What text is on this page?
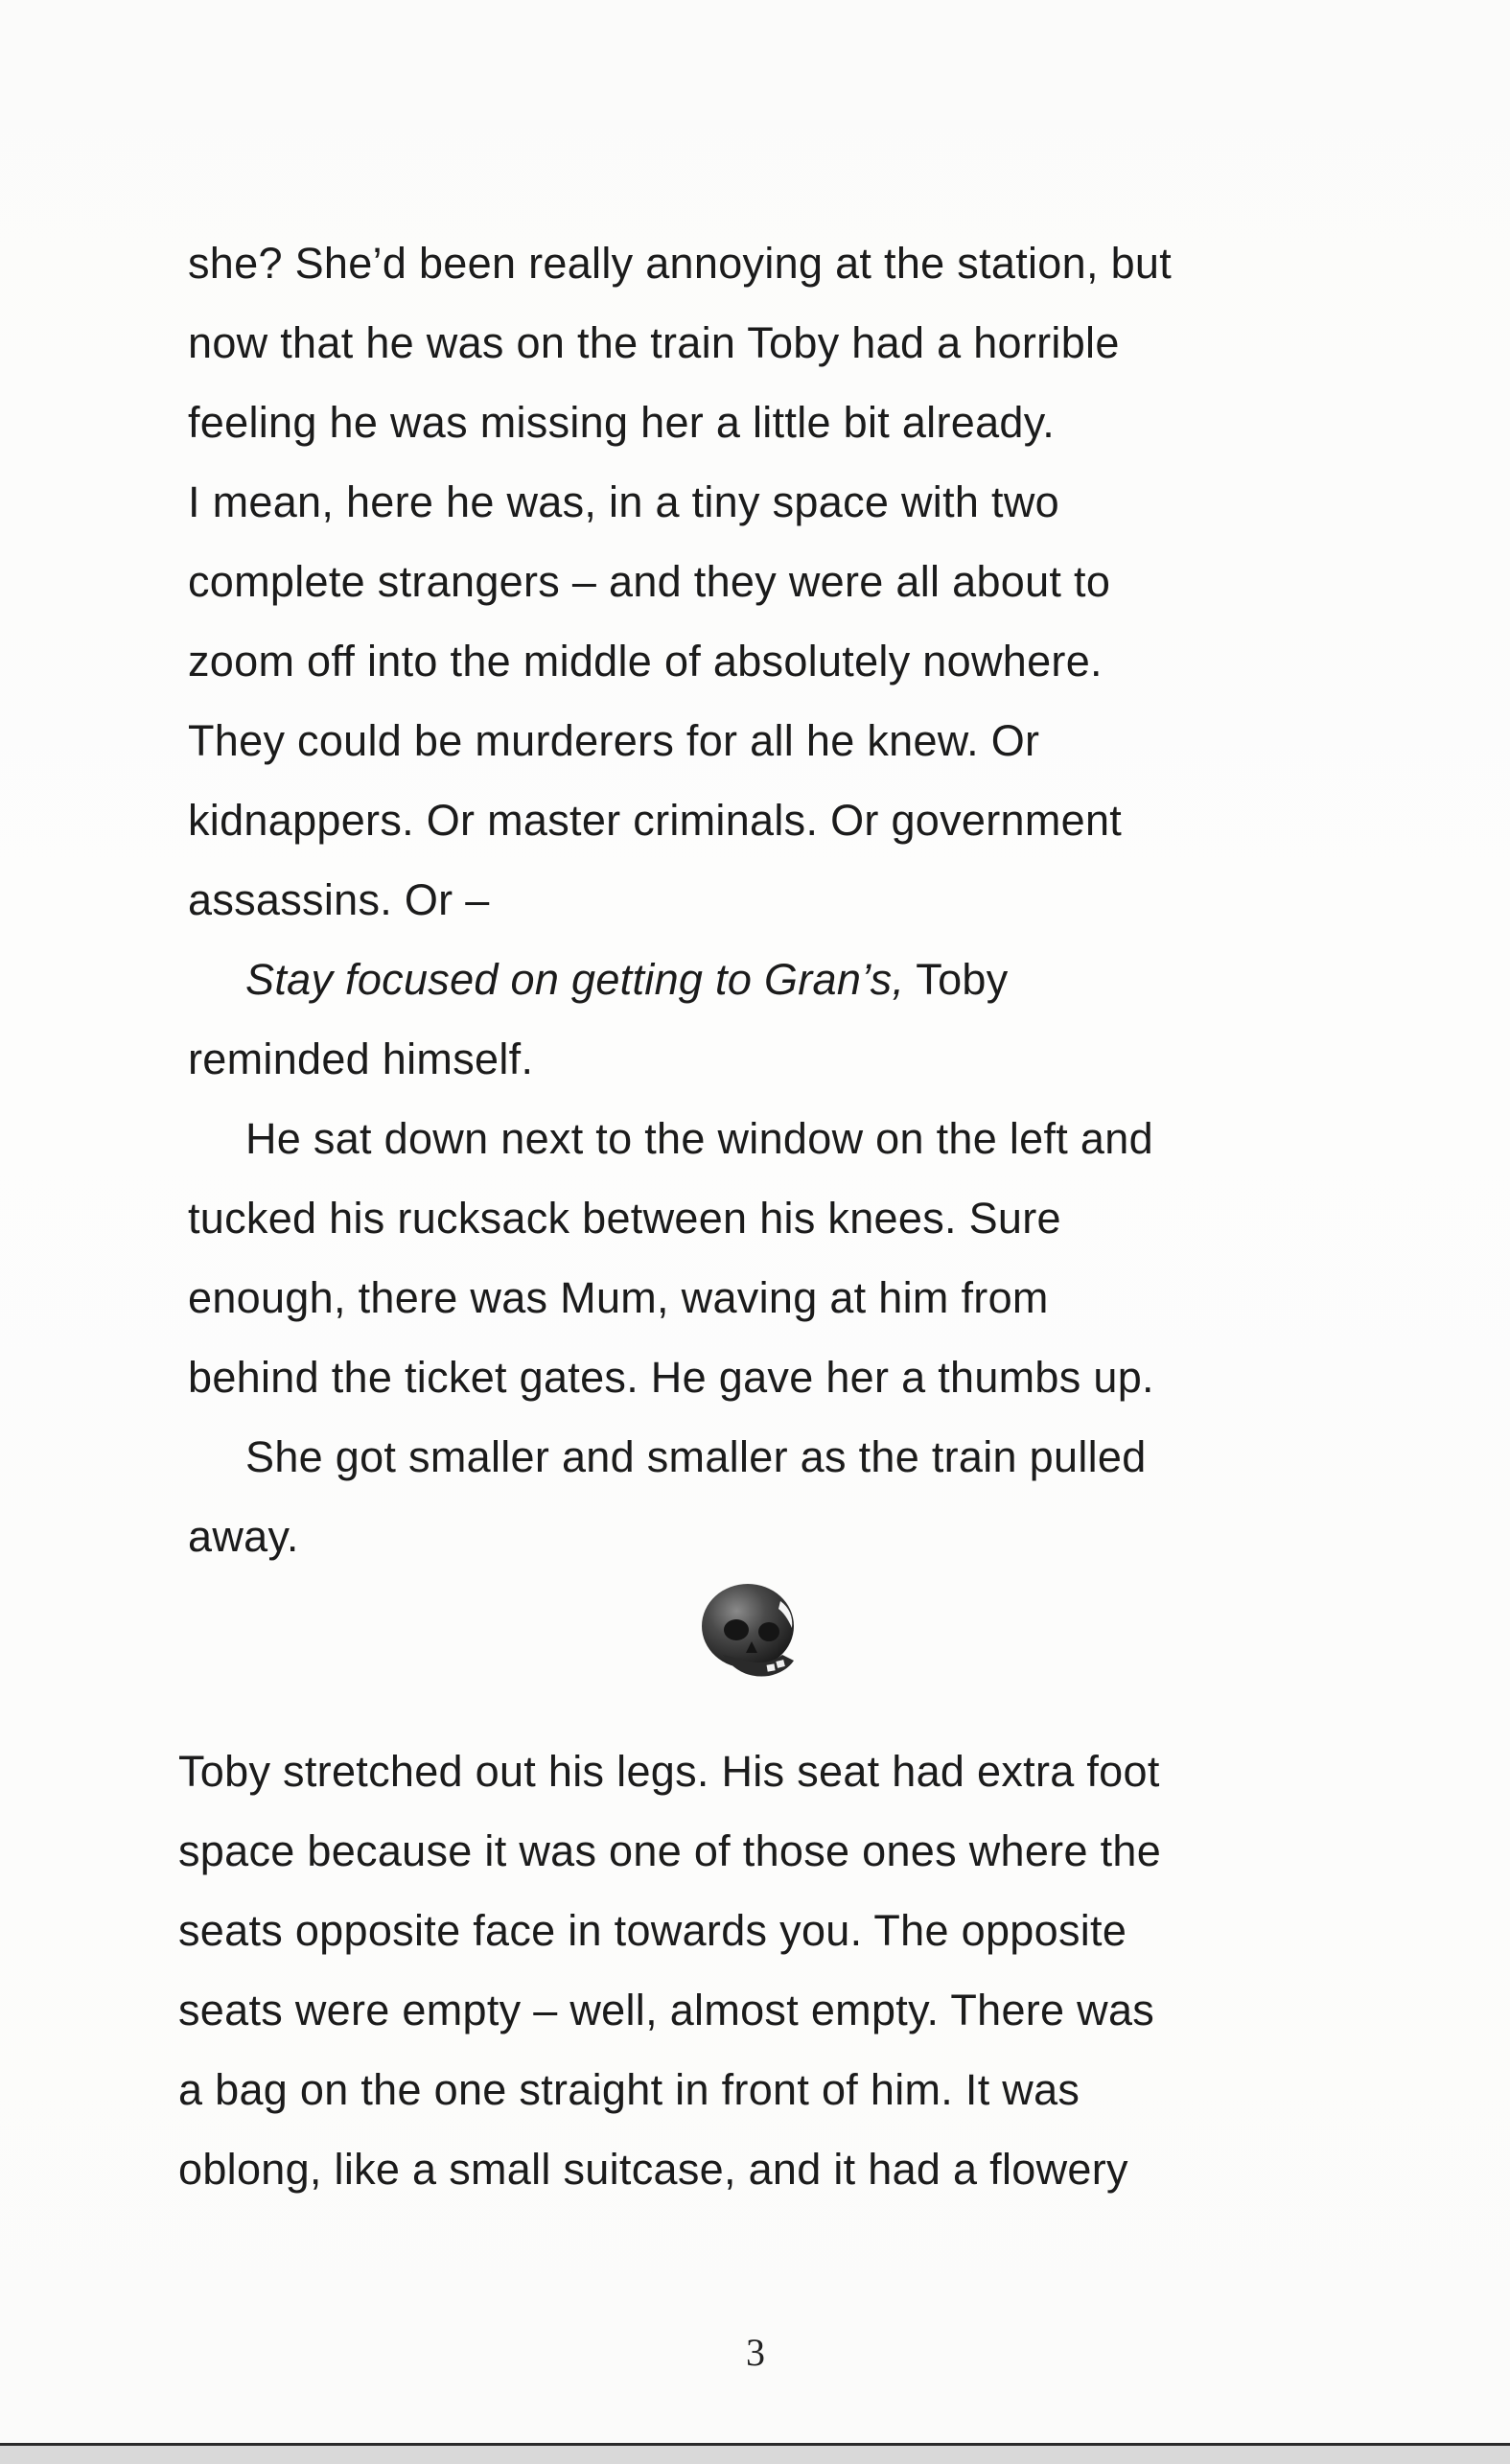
she? She’d been really annoying at the station, but
now that he was on the train Toby had a horrible
feeling he was missing her a little bit already.
I mean, here he was, in a tiny space with two
complete strangers – and they were all about to
zoom off into the middle of absolutely nowhere.
They could be murderers for all he knew. Or
kidnappers. Or master criminals. Or government
assassins. Or –
Stay focused on getting to Gran’s, Toby
reminded himself.
He sat down next to the window on the left and
tucked his rucksack between his knees. Sure
enough, there was Mum, waving at him from
behind the ticket gates. He gave her a thumbs up.
She got smaller and smaller as the train pulled
away.
Toby stretched out his legs. His seat had extra foot
space because it was one of those ones where the
seats opposite face in towards you. The opposite
seats were empty – well, almost empty. There was
a bag on the one straight in front of him. It was
oblong, like a small suitcase, and it had a flowery
3
